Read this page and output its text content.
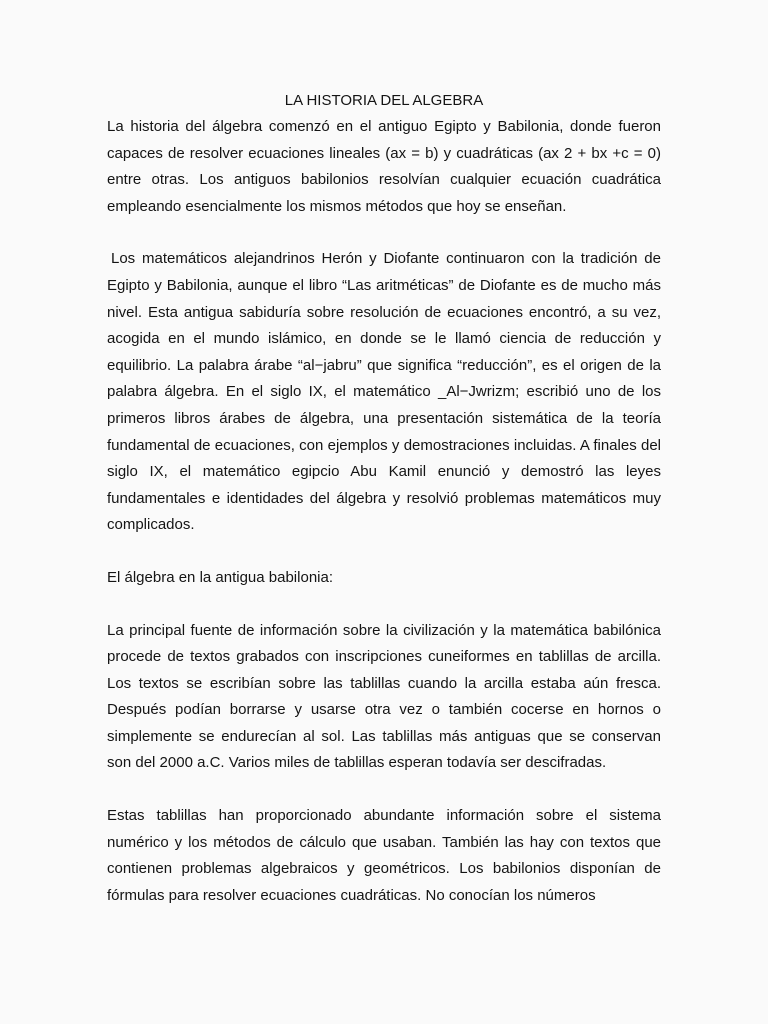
LA HISTORIA DEL ALGEBRA

La historia del álgebra comenzó en el antiguo Egipto y Babilonia, donde fueron capaces de resolver ecuaciones lineales (ax = b) y cuadráticas (ax 2 + bx +c = 0) entre otras. Los antiguos babilonios resolvían cualquier ecuación cuadrática empleando esencialmente los mismos métodos que hoy se enseñan.

Los matemáticos alejandrinos Herón y Diofante continuaron con la tradición de Egipto y Babilonia, aunque el libro “Las aritméticas” de Diofante es de mucho más nivel. Esta antigua sabiduría sobre resolución de ecuaciones encontró, a su vez, acogida en el mundo islámico, en donde se le llamó ciencia de reducción y equilibrio. La palabra árabe “al−jabru” que significa “reducción”, es el origen de la palabra álgebra. En el siglo IX, el matemático _Al−Jwrizm; escribió uno de los primeros libros árabes de álgebra, una presentación sistemática de la teoría fundamental de ecuaciones, con ejemplos y demostraciones incluidas. A finales del siglo IX, el matemático egipcio Abu Kamil enunció y demostró las leyes fundamentales e identidades del álgebra y resolvió problemas matemáticos muy complicados.

El álgebra en la antigua babilonia:

La principal fuente de información sobre la civilización y la matemática babilónica procede de textos grabados con inscripciones cuneiformes en tablillas de arcilla. Los textos se escribían sobre las tablillas cuando la arcilla estaba aún fresca. Después podían borrarse y usarse otra vez o también cocerse en hornos o simplemente se endurecían al sol. Las tablillas más antiguas que se conservan son del 2000 a.C. Varios miles de tablillas esperan todavía ser descifradas.

Estas tablillas han proporcionado abundante información sobre el sistema numérico y los métodos de cálculo que usaban. También las hay con textos que contienen problemas algebraicos y geométricos. Los babilonios disponían de fórmulas para resolver ecuaciones cuadráticas. No conocían los números
